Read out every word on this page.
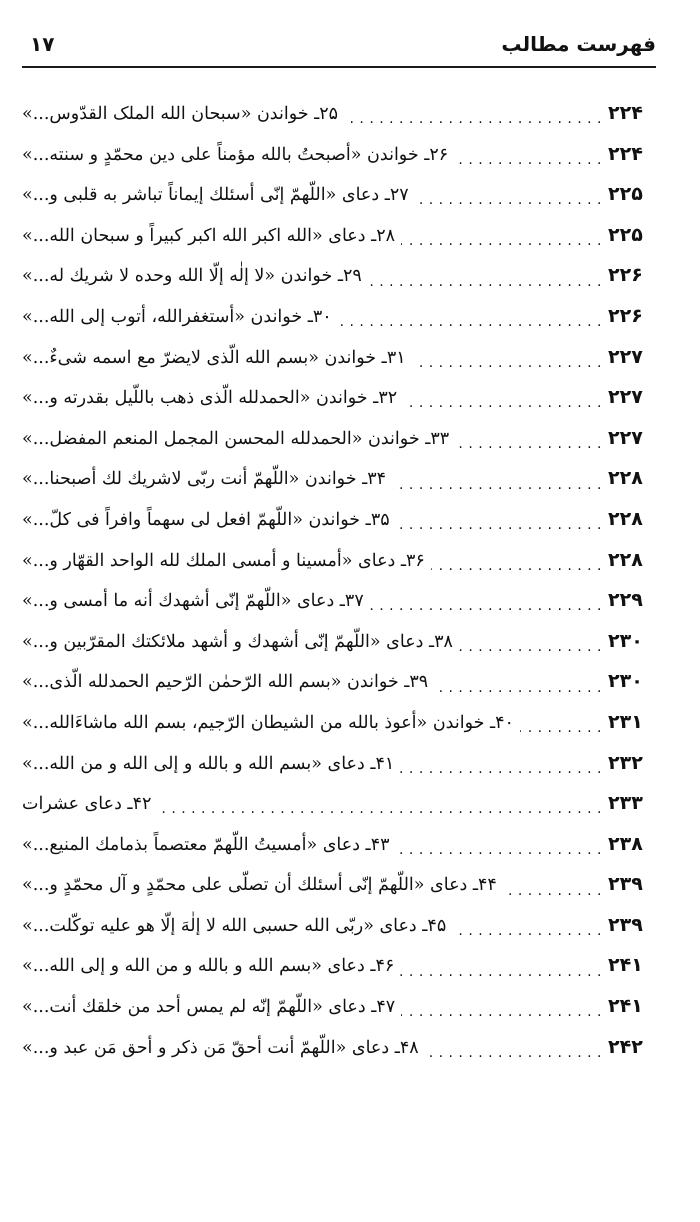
فهرست مطالب
۱۷
۲۵ـ خواندن «سبحان الله الملک القدّوس...» . . .	۲۲۴
۲۶ـ خواندن «أصبحتُ بالله مؤمناً علی دین محمّدٍ و سنته...» . . .	۲۲۴
۲۷ـ دعای «اللّهمّ إنّی أسئلك إیماناً تباشر به قلبی و...» . . .	۲۲۵
۲۸ـ دعای «الله اكبر الله اكبر كبيراً و سبحان الله...» . . .	۲۲۵
۲۹ـ خواندن «لا إلٰه إلّا الله وحده لا شریك له...» . . .	۲۲۶
۳۰ـ خواندن «أستغفرالله، أتوب إلی الله...» . . .	۲۲۶
۳۱ـ خواندن «بسم الله الّذی لایضرّ مع اسمه شیءٌ...» . . .	۲۲۷
۳۲ـ خواندن «الحمدلله الّذی ذهب باللّیل بقدرته و...» . . .	۲۲۷
۳۳ـ خواندن «الحمدلله المحسن المجمل المنعم المفضل...» . . .	۲۲۷
۳۴ـ خواندن «اللّهمّ أنت ربّی لاشریك لك أصبحنا...» . . .	۲۲۸
۳۵ـ خواندن «اللّهمّ افعل لی سهماً وافراً فی كلّ...» . . .	۲۲۸
۳۶ـ دعای «أمسینا و أمسی الملك لله الواحد القهّار و...» . . .	۲۲۸
۳۷ـ دعای «اللّهمّ إنّی أشهدك أنه ما أمسی و...» . . .	۲۲۹
۳۸ـ دعای «اللّهمّ إنّی أشهدك و أشهد ملائكتك المقرّبین و...» . . .	۲۳۰
۳۹ـ خواندن «بسم الله الرّحمٰن الرّحیم الحمدلله الّذی...» . . .	۲۳۰
۴۰ـ خواندن «أعوذ بالله من الشیطان الرّجیم، بسم الله ماشاءَالله...» . . .	۲۳۱
۴۱ـ دعای «بسم الله و بالله و إلی الله و من الله...» . . .	۲۳۲
۴۲ـ دعای عشرات . . .	۲۳۳
۴۳ـ دعای «أمسیتُ اللّهمّ معتصماً بذمامك المنیع...» . . .	۲۳۸
۴۴ـ دعای «اللّهمّ إنّی أسئلك أن تصلّی علی محمّدٍ و آل محمّدٍ و...» . . .	۲۳۹
۴۵ـ دعای «ربّی الله حسبی الله لا إلٰهَ إلّا هو علیه توكّلت...» . . .	۲۳۹
۴۶ـ دعای «بسم الله و بالله و من الله و إلی الله...» . . .	۲۴۱
۴۷ـ دعای «اللّهمّ إنّه لم یمس أحد من خلقك أنت...» . . .	۲۴۱
۴۸ـ دعای «اللّهمّ أنت أحقّ مَن ذکر و أحق مَن عبد و...» . . .	۲۴۲
